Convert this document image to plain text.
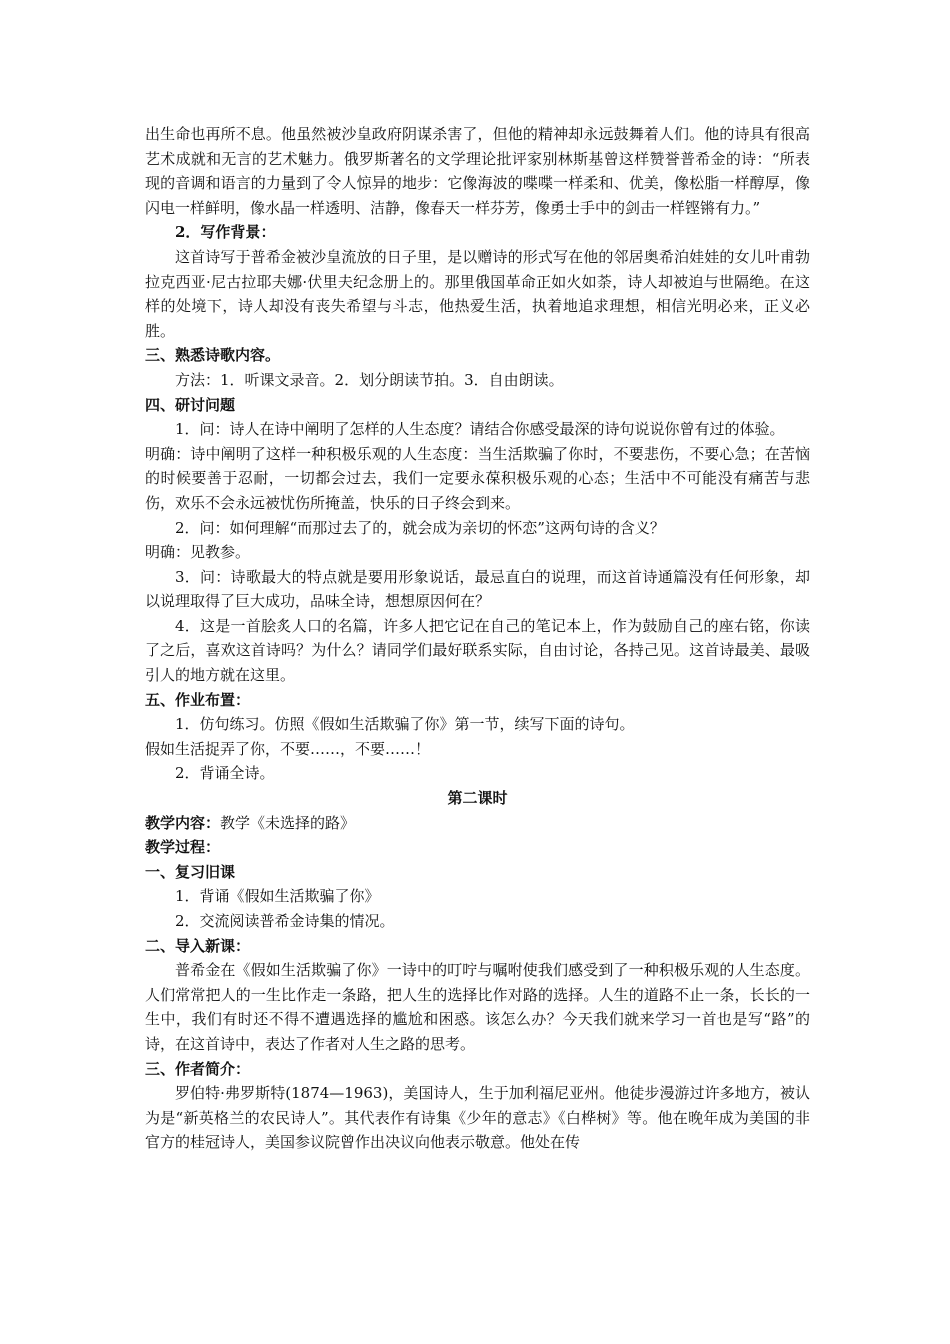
出生命也再所不息。他虽然被沙皇政府阴谋杀害了，但他的精神却永远鼓舞着人们。他的诗具有很高艺术成就和无言的艺术魅力。俄罗斯著名的文学理论批评家别林斯基曾这样赞誉普希金的诗：“所表现的音调和语言的力量到了令人惊异的地步：它像海波的喋喋一样柔和、优美，像松脂一样醇厚，像闪电一样鲜明，像水晶一样透明、洁静，像春天一样芬芳，像勇士手中的剑击一样铿锵有力。”

2．写作背景：

这首诗写于普希金被沙皇流放的日子里，是以赠诗的形式写在他的邻居奥希泊娃娃的女儿叶甫勃拉克西亚·尼古拉耶夫娜·伏里夫纪念册上的。那里俄国革命正如火如荼，诗人却被迫与世隔绝。在这样的处境下，诗人却没有丧失希望与斗志，他热爱生活，执着地追求理想，相信光明必来，正义必胜。

三、熟悉诗歌内容。

方法：1．听课文录音。2．划分朗读节拍。3．自由朗读。

四、研讨问题

1．问：诗人在诗中阐明了怎样的人生态度？请结合你感受最深的诗句说说你曾有过的体验。

明确：诗中阐明了这样一种积极乐观的人生态度：当生活欺骗了你时，不要悲伤，不要心急；在苦恼的时候要善于忍耐，一切都会过去，我们一定要永葆积极乐观的心态；生活中不可能没有痛苦与悲伤，欢乐不会永远被忧伤所掩盖，快乐的日子终会到来。

2．问：如何理解“而那过去了的，就会成为亲切的怀恋”这两句诗的含义？

明确：见教参。

3．问：诗歌最大的特点就是要用形象说话，最忌直白的说理，而这首诗通篇没有任何形象，却以说理取得了巨大成功，品味全诗，想想原因何在？

4．这是一首脍炙人口的名篇，许多人把它记在自己的笔记本上，作为鼓励自己的座右铭，你读了之后，喜欢这首诗吗？为什么？请同学们最好联系实际，自由讨论，各持己见。这首诗最美、最吸引人的地方就在这里。

五、作业布置：

1．仿句练习。仿照《假如生活欺骗了你》第一节，续写下面的诗句。

假如生活捉弄了你，不要……，不要……！

2．背诵全诗。

第二课时

教学内容：教学《未选择的路》

教学过程：

一、复习旧课

1．背诵《假如生活欺骗了你》

2．交流阅读普希金诗集的情况。

二、导入新课：

普希金在《假如生活欺骗了你》一诗中的叮咛与嘱咐使我们感受到了一种积极乐观的人生态度。人们常常把人的一生比作走一条路，把人生的选择比作对路的选择。人生的道路不止一条，长长的一生中，我们有时还不得不遭遇选择的尴尬和困惑。该怎么办？今天我们就来学习一首也是写“路”的诗，在这首诗中，表达了作者对人生之路的思考。

三、作者简介：

罗伯特·弗罗斯特(1874—1963)，美国诗人，生于加利福尼亚州。他徒步漫游过许多地方，被认为是“新英格兰的农民诗人”。其代表作有诗集《少年的意志》《白桦树》等。他在晚年成为美国的非官方的桂冠诗人，美国参议院曾作出决议向他表示敬意。他处在传
